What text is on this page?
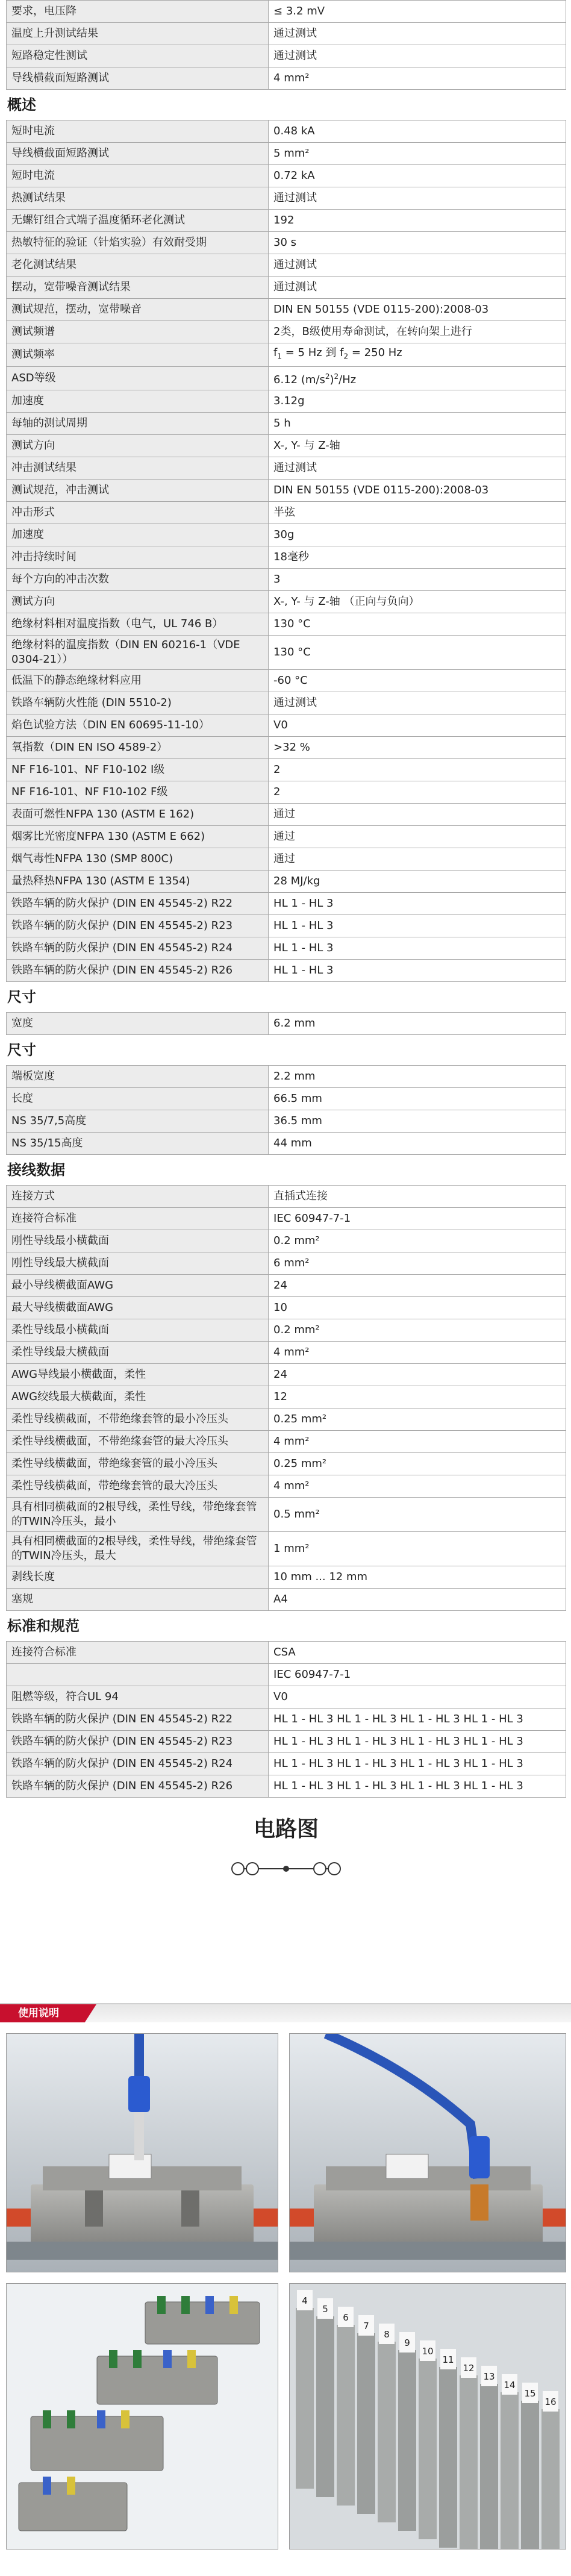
要求，电压降	≤ 3.2 mV
温度上升测试结果	通过测试
短路稳定性测试	通过测试
导线横截面短路测试	4 mm²
概述
短时电流	0.48 kA
导线横截面短路测试	5 mm²
短时电流	0.72 kA
热测试结果	通过测试
无螺钉组合式端子温度循环老化测试	192
热敏特征的验证（针焰实验）有效耐受期	30 s
老化测试结果	通过测试
摆动，宽带噪音测试结果	通过测试
测试规范，摆动，宽带噪音	DIN EN 50155 (VDE 0115-200):2008-03
测试频谱	2类，B级使用寿命测试，在转向架上进行
测试频率	$f_1 = 5$ Hz 到 $f_2 = 250$ Hz
ASD等级	6.12 $(m/s^2)^2/Hz$
加速度	3.12g
每轴的测试周期	5 h
测试方向	X-, Y- 与 Z-轴
冲击测试结果	通过测试
测试规范，冲击测试	DIN EN 50155 (VDE 0115-200):2008-03
冲击形式	半弦
加速度	30g
冲击持续时间	18毫秒
每个方向的冲击次数	3
测试方向	X-, Y- 与 Z-轴 （正向与负向）
绝缘材料相对温度指数（电气，UL 746 B）	130 °C
绝缘材料的温度指数（DIN EN 60216-1（VDE 0304-21））	130 °C
低温下的静态绝缘材料应用	-60 °C
铁路车辆防火性能 (DIN 5510-2)	通过测试
焰色试验方法（DIN EN 60695-11-10）	V0
氧指数（DIN EN ISO 4589-2）	>32 %
NF F16-101、NF F10-102 I级	2
NF F16-101、NF F10-102 F级	2
表面可燃性NFPA 130 (ASTM E 162)	通过
烟雾比光密度NFPA 130 (ASTM E 662)	通过
烟气毒性NFPA 130 (SMP 800C)	通过
量热释热NFPA 130 (ASTM E 1354)	28 MJ/kg
铁路车辆的防火保护 (DIN EN 45545-2) R22	HL 1 - HL 3
铁路车辆的防火保护 (DIN EN 45545-2) R23	HL 1 - HL 3
铁路车辆的防火保护 (DIN EN 45545-2) R24	HL 1 - HL 3
铁路车辆的防火保护 (DIN EN 45545-2) R26	HL 1 - HL 3
尺寸
宽度	6.2 mm
尺寸
端板宽度	2.2 mm
长度	66.5 mm
NS 35/7,5高度	36.5 mm
NS 35/15高度	44 mm
接线数据
连接方式	直插式连接
连接符合标准	IEC 60947-7-1
刚性导线最小横截面	0.2 mm²
刚性导线最大横截面	6 mm²
最小导线横截面AWG	24
最大导线横截面AWG	10
柔性导线最小横截面	0.2 mm²
柔性导线最大横截面	4 mm²
AWG导线最小横截面，柔性	24
AWG绞线最大横截面，柔性	12
柔性导线横截面，不带绝缘套管的最小冷压头	0.25 mm²
柔性导线横截面，不带绝缘套管的最大冷压头	4 mm²
柔性导线横截面，带绝缘套管的最小冷压头	0.25 mm²
柔性导线横截面，带绝缘套管的最大冷压头	4 mm²
具有相同横截面的2根导线，柔性导线，带绝缘套管的TWIN冷压头，最小	0.5 mm²
具有相同横截面的2根导线，柔性导线，带绝缘套管的TWIN冷压头，最大	1 mm²
剥线长度	10 mm ... 12 mm
塞规	A4
标准和规范
连接符合标准	CSA
	IEC 60947-7-1
阻燃等级，符合UL 94	V0
铁路车辆的防火保护 (DIN EN 45545-2) R22	HL 1 - HL 3 HL 1 - HL 3 HL 1 - HL 3 HL 1 - HL 3
铁路车辆的防火保护 (DIN EN 45545-2) R23	HL 1 - HL 3 HL 1 - HL 3 HL 1 - HL 3 HL 1 - HL 3
铁路车辆的防火保护 (DIN EN 45545-2) R24	HL 1 - HL 3 HL 1 - HL 3 HL 1 - HL 3 HL 1 - HL 3
铁路车辆的防火保护 (DIN EN 45545-2) R26	HL 1 - HL 3 HL 1 - HL 3 HL 1 - HL 3 HL 1 - HL 3
电路图
使用说明
4
5
6
7
8
9
10
11
12
13
14
15
16
